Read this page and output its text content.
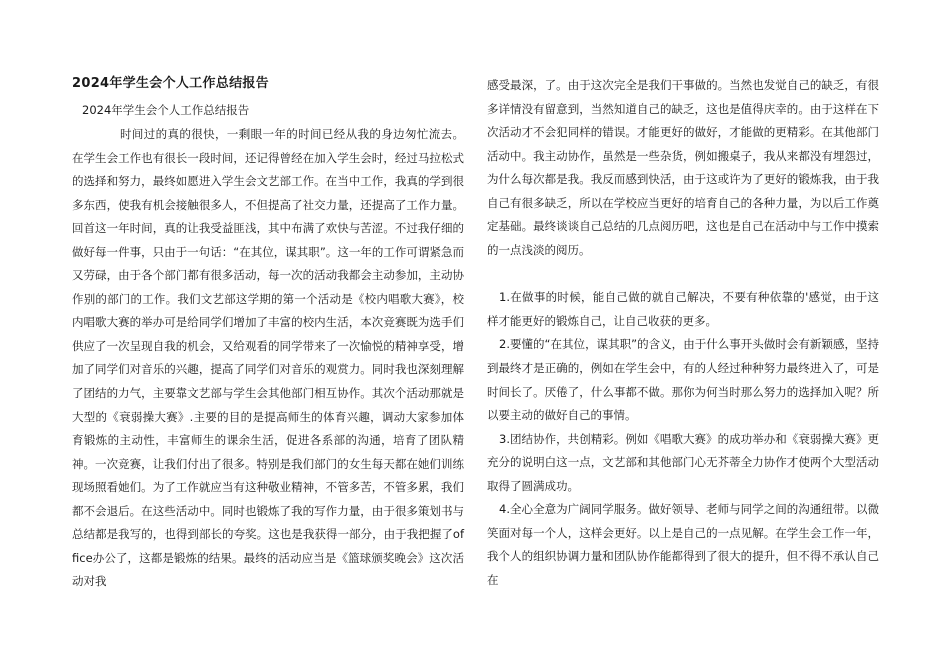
2024年学生会个人工作总结报告
2024年学生会个人工作总结报告

时间过的真的很快，一剩眼一年的时间已经从我的身边匆忙流去。在学生会工作也有很长一段时间，还记得曾经在加入学生会时，经过马拉松式的选择和努力，最终如愿进入学生会文艺部工作。在当中工作，我真的学到很多东西，使我有机会接触很多人，不但提高了社交力量，还提高了工作力量。回首这一年时间，真的让我受益匪浅，其中布满了欢快与苦涩。不过我仔细的做好每一件事，只由于一句话：“在其位，谋其职”。这一年的工作可谓紧急而又劳碌，由于各个部门都有很多活动，每一次的活动我都会主动参加，主动协作别的部门的工作。我们文艺部这学期的第一个活动是《校内唱歌大赛》，校内唱歌大赛的举办可是给同学们增加了丰富的校内生活，本次竞赛既为选手们供应了一次呈现自我的机会，又给观看的同学带来了一次愉悦的精神享受，增加了同学们对音乐的兴趣，提高了同学们对音乐的观赏力。同时我也深刻理解了团结的力气，主要靠文艺部与学生会其他部门相互协作。其次个活动那就是大型的《衰弱操大赛》.主要的目的是提高师生的体育兴趣，调动大家参加体育锻炼的主动性，丰富师生的课余生活，促进各系部的沟通，培育了团队精神。一次竞赛，让我们付出了很多。特别是我们部门的女生每天都在她们训练现场照看她们。为了工作就应当有这种敬业精神，不管多苦，不管多累，我们都不会退后。在这些活动中。同时也锻炼了我的写作力量，由于很多策划书与总结都是我写的，也得到部长的夸奖。这也是我获得一部分，由于我把握了office办公了，这都是锻炼的结果。最终的活动应当是《篮球颁奖晚会》这次活动对我

感受最深，了。由于这次完全是我们干事做的。当然也发觉自己的缺乏，有很多详情没有留意到，当然知道自己的缺乏，这也是值得庆幸的。由于这样在下次活动才不会犯同样的错误。才能更好的做好，才能做的更精彩。在其他部门活动中。我主动协作，虽然是一些杂货，例如搬桌子，我从来都没有埋怨过，为什么每次都是我。我反而感到快活，由于这或许为了更好的锻炼我，由于我自己有很多缺乏，所以在学校应当更好的培育自己的各种力量，为以后工作奠定基础。最终谈谈自己总结的几点阅历吧，这也是自己在活动中与工作中摸索的一点浅淡的阅历。

1.在做事的时候，能自己做的就自己解决，不要有种依靠的'感觉，由于这样才能更好的锻炼自己，让自己收获的更多。

2.要懂的“在其位，谋其职”的含义，由于什么事开头做时会有新颖感，坚持到最终才是正确的，例如在学生会中，有的人经过种种努力最终进入了，可是时间长了。厌倦了，什么事都不做。那你为何当时那么努力的选择加入呢？所以要主动的做好自己的事情。

3.团结协作，共创精彩。例如《唱歌大赛》的成功举办和《衰弱操大赛》更充分的说明白这一点，文艺部和其他部门心无芥蒂全力协作才使两个大型活动取得了圆满成功。

4.全心全意为广阔同学服务。做好领导、老师与同学之间的沟通纽带。以微笑面对每一个人，这样会更好。以上是自己的一点见解。在学生会工作一年，我个人的组织协调力量和团队协作能都得到了很大的提升，但不得不承认自己在
